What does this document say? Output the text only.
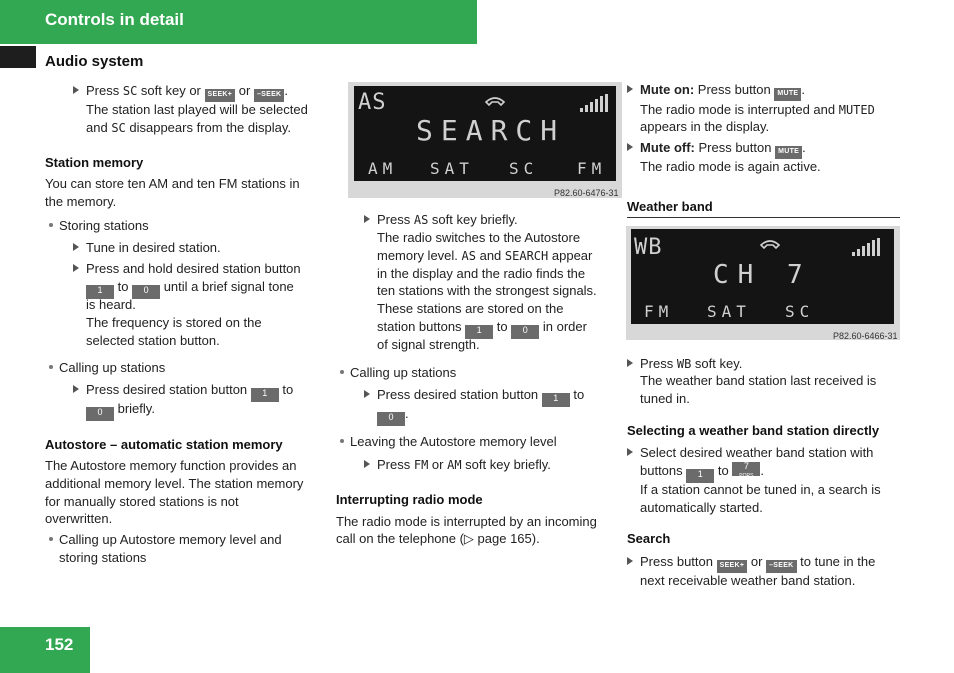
Controls in detail
Audio system
Press SC soft key or SEEK+ or –SEEK .
The station last played will be selected
and SC disappears from the display.
Station memory
You can store ten AM and ten FM stations in
the memory.
Storing stations
Tune in desired station.
Press and hold desired station button
1 to 0 until a brief signal tone
is heard.
The frequency is stored on the
selected station button.
Calling up stations
Press desired station button 1 to
0 briefly.
Autostore – automatic station memory
The Autostore memory function provides an
additional memory level. The station memory
for manually stored stations is not
overwritten.
Calling up Autostore memory level and
storing stations
AS
SEARCH
AM SAT SC FM
P82.60-6476-31
Press AS soft key briefly.
The radio switches to the Autostore
memory level. AS and SEARCH appear
in the display and the radio finds the
ten stations with the strongest signals.
These stations are stored on the
station buttons 1 to 0 in order
of signal strength.
Calling up stations
Press desired station button 1 to
0 .
Leaving the Autostore memory level
Press FM or AM soft key briefly.
Interrupting radio mode
The radio mode is interrupted by an incoming
call on the telephone (▷ page 165).
Mute on: Press button MUTE .
The radio mode is interrupted and MUTED
appears in the display.
Mute off: Press button MUTE .
The radio mode is again active.
Weather band
WB
CH 7
FM SAT SC
P82.60-6466-31
Press WB soft key.
The weather band station last received is
tuned in.
Selecting a weather band station directly
Select desired weather band station with
buttons 1 to 7
PQRS .
If a station cannot be tuned in, a search is
automatically started.
Search
Press button SEEK+ or –SEEK to tune in the
next receivable weather band station.
152
